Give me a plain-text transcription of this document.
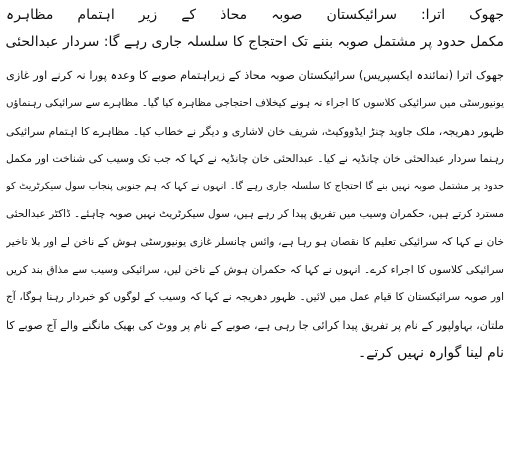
جھوک اترا: سرائیکستان صوبہ محاذ کے زیر اہتمام مظاہرہ
مکمل حدود پر مشتمل صوبہ بننے تک احتجاج کا سلسلہ جاری رہے گا: سردار عبدالحئی
جھوک اترا (نمائندہ ایکسپریس) سرائیکستان صوبہ محاذ کے زیراہتمام صوبے کا وعدہ پورا نہ کرنے اور غازی
یونیورسٹی میں سرائیکی کلاسوں کا اجراء نہ ہونے کیخلاف احتجاجی مظاہرہ کیا گیا۔ مظاہرے سے سرائیکی رہنماؤں
ظہور دھریجہ، ملک جاوید چنڑ ایڈووکیٹ، شریف خان لاشاری و دیگر نے خطاب کیا۔ مظاہرے کا اہتمام سرائیکی
رہنما سردار عبدالحئی خان چانڈیہ نے کیا۔ عبدالحئی خان چانڈیہ نے کہا کہ جب تک وسیب کی شناخت اور مکمل
حدود پر مشتمل صوبہ نہیں بنے گا احتجاج کا سلسلہ جاری رہے گا۔ انہوں نے کہا کہ ہم جنوبی پنجاب سول سیکرٹریٹ کو
مسترد کرتے ہیں، حکمران وسیب میں تفریق پیدا کر رہے ہیں، سول سیکرٹریٹ نہیں صوبہ چاہئے۔ ڈاکٹر عبدالحئی
خان نے کہا کہ سرائیکی تعلیم کا نقصان ہو رہا ہے، وائس چانسلر غازی یونیورسٹی ہوش کے ناخن لے اور بلا تاخیر
سرائیکی کلاسوں کا اجراء کرے۔ انہوں نے کہا کہ حکمران ہوش کے ناخن لیں، سرائیکی وسیب سے مذاق بند کریں
اور صوبہ سرائیکستان کا قیام عمل میں لائیں۔ ظہور دھریجہ نے کہا کہ وسیب کے لوگوں کو خبردار رہنا ہوگا، آج
ملتان، بہاولپور کے نام پر تفریق پیدا کرائی جا رہی ہے، صوبے کے نام پر ووٹ کی بھیک مانگنے والے آج صوبے کا
نام لینا گوارہ نہیں کرتے۔
